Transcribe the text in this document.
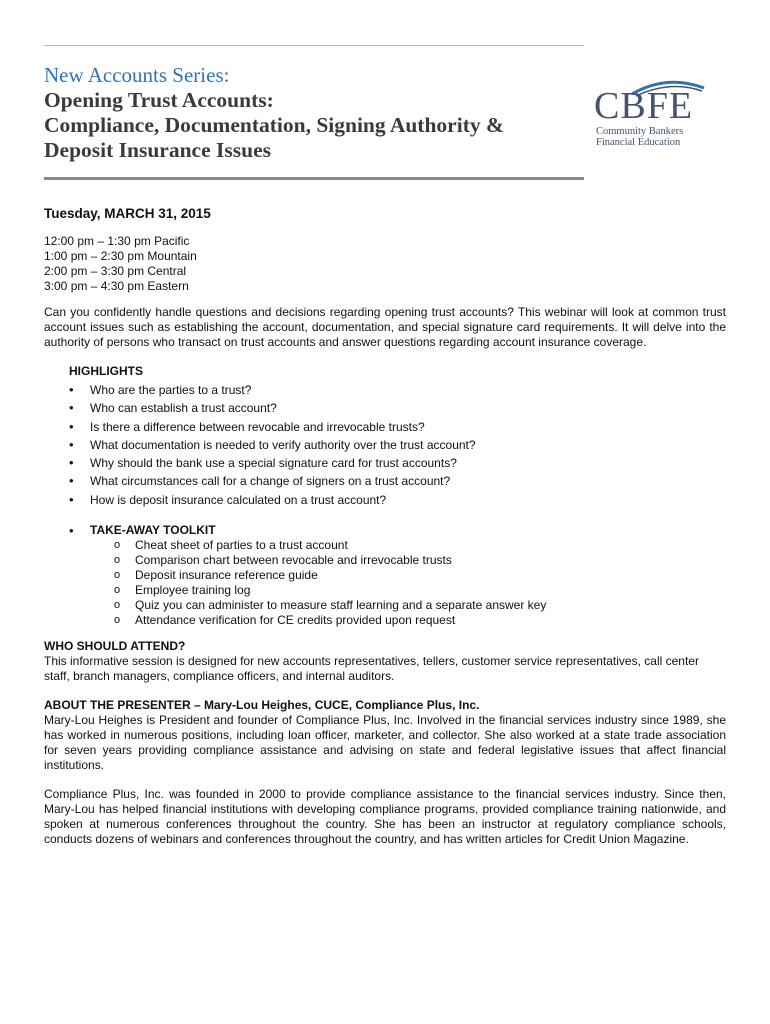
New Accounts Series:
Opening Trust Accounts:
Compliance, Documentation, Signing Authority &
Deposit Insurance Issues
CBFE
Community Bankers
Financial Education
Tuesday, MARCH 31, 2015
12:00 pm – 1:30 pm Pacific
1:00 pm – 2:30 pm Mountain
2:00 pm – 3:30 pm Central
3:00 pm – 4:30 pm Eastern
Can you confidently handle questions and decisions regarding opening trust accounts? This webinar will look at common trust account issues such as establishing the account, documentation, and special signature card requirements. It will delve into the authority of persons who transact on trust accounts and answer questions regarding account insurance coverage.
HIGHLIGHTS
• Who are the parties to a trust?
• Who can establish a trust account?
• Is there a difference between revocable and irrevocable trusts?
• What documentation is needed to verify authority over the trust account?
• Why should the bank use a special signature card for trust accounts?
• What circumstances call for a change of signers on a trust account?
• How is deposit insurance calculated on a trust account?
• TAKE-AWAY TOOLKIT
o Cheat sheet of parties to a trust account
o Comparison chart between revocable and irrevocable trusts
o Deposit insurance reference guide
o Employee training log
o Quiz you can administer to measure staff learning and a separate answer key
o Attendance verification for CE credits provided upon request
WHO SHOULD ATTEND?
This informative session is designed for new accounts representatives, tellers, customer service representatives, call center staff, branch managers, compliance officers, and internal auditors.
ABOUT THE PRESENTER – Mary-Lou Heighes, CUCE, Compliance Plus, Inc.
Mary-Lou Heighes is President and founder of Compliance Plus, Inc. Involved in the financial services industry since 1989, she has worked in numerous positions, including loan officer, marketer, and collector. She also worked at a state trade association for seven years providing compliance assistance and advising on state and federal legislative issues that affect financial institutions.
Compliance Plus, Inc. was founded in 2000 to provide compliance assistance to the financial services industry. Since then, Mary-Lou has helped financial institutions with developing compliance programs, provided compliance training nationwide, and spoken at numerous conferences throughout the country. She has been an instructor at regulatory compliance schools, conducts dozens of webinars and conferences throughout the country, and has written articles for Credit Union Magazine.
